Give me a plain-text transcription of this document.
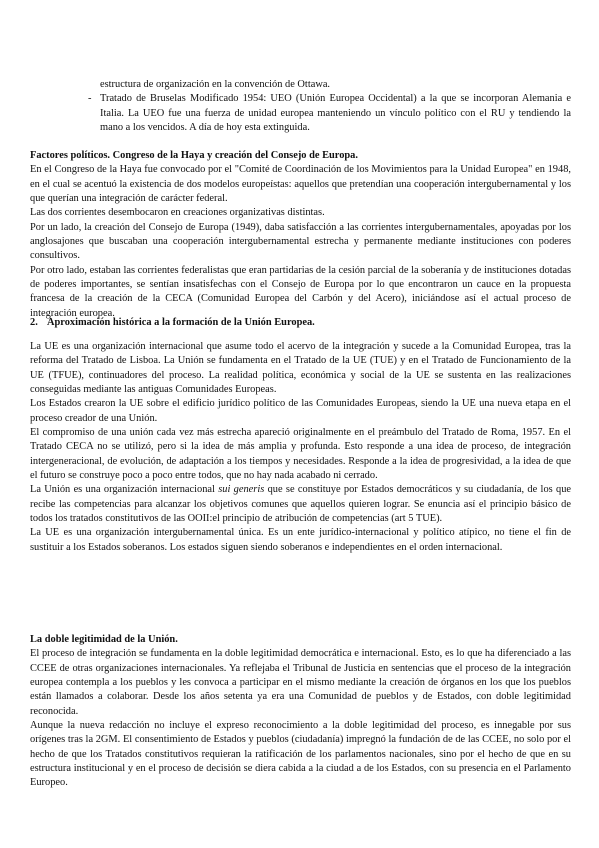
estructura de organización en la convención de Ottawa.
- Tratado de Bruselas Modificado 1954: UEO (Unión Europea Occidental) a la que se incorporan Alemania e Italia. La UEO fue una fuerza de unidad europea manteniendo un vínculo político con el RU y tendiendo la mano a los vencidos. A día de hoy esta extinguida.
Factores políticos. Congreso de la Haya y creación del Consejo de Europa.

En el Congreso de la Haya fue convocado por el "Comité de Coordinación de los Movimientos para la Unidad Europea" en 1948, en el cual se acentuó la existencia de dos modelos europeístas: aquellos que pretendían una cooperación intergubernamental y los que querían una integración de carácter federal.

Las dos corrientes desembocaron en creaciones organizativas distintas.

Por un lado, la creación del Consejo de Europa (1949), daba satisfacción a las corrientes intergubernamentales, apoyadas por los anglosajones que buscaban una cooperación intergubernamental estrecha y permanente mediante instituciones con poderes consultivos.

Por otro lado, estaban las corrientes federalistas que eran partidarias de la cesión parcial de la soberanía y de instituciones dotadas de poderes importantes, se sentían insatisfechas con el Consejo de Europa por lo que encontraron un cauce en la propuesta francesa de la creación de la CECA (Comunidad Europea del Carbón y del Acero), iniciándose así el actual proceso de integración europea.

2. Aproximación histórica a la formación de la Unión Europea.

La UE es una organización internacional que asume todo el acervo de la integración y sucede a la Comunidad Europea, tras la reforma del Tratado de Lisboa. La Unión se fundamenta en el Tratado de la UE (TUE) y en el Tratado de Funcionamiento de la UE (TFUE), continuadores del proceso. La realidad política, económica y social de la UE se sustenta en las realizaciones conseguidas mediante las antiguas Comunidades Europeas.

Los Estados crearon la UE sobre el edificio jurídico político de las Comunidades Europeas, siendo la UE una nueva etapa en el proceso creador de una Unión.

El compromiso de una unión cada vez más estrecha apareció originalmente en el preámbulo del Tratado de Roma, 1957. En el Tratado CECA no se utilizó, pero si la idea de más amplia y profunda. Esto responde a una idea de proceso, de integración intergeneracional, de evolución, de adaptación a los tiempos y necesidades. Responde a la idea de progresividad, a la idea de que el futuro se construye poco a poco entre todos, que no hay nada acabado ni cerrado.

La Unión es una organización internacional sui generis que se constituye por Estados democráticos y su ciudadanía, de los que recibe las competencias para alcanzar los objetivos comunes que aquellos quieren lograr. Se enuncia así el principio básico de todos los tratados constitutivos de las OOII:el principio de atribución de competencias (art 5 TUE).

La UE es una organización intergubernamental única. Es un ente jurídico-internacional y político atípico, no tiene el fin de sustituir a los Estados soberanos. Los estados siguen siendo soberanos e independientes en el orden internacional.

La doble legitimidad de la Unión.

El proceso de integración se fundamenta en la doble legitimidad democrática e internacional. Esto, es lo que ha diferenciado a las CCEE de otras organizaciones internacionales. Ya reflejaba el Tribunal de Justicia en sentencias que el proceso de la integración europea contempla a los pueblos y les convoca a participar en el mismo mediante la creación de órganos en los que los pueblos están llamados a colaborar. Desde los años setenta ya era una Comunidad de pueblos y de Estados, con doble legitimidad reconocida.

Aunque la nueva redacción no incluye el expreso reconocimiento a la doble legitimidad del proceso, es innegable por sus orígenes tras la 2GM. El consentimiento de Estados y pueblos (ciudadanía) impregnó la fundación de de las CCEE, no solo por el hecho de que los Tratados constitutivos requieran la ratificación de los parlamentos nacionales, sino por el hecho de que en su estructura institucional y en el proceso de decisión se diera cabida a la ciudad a de los Estados, con su presencia en el Parlamento Europeo.
